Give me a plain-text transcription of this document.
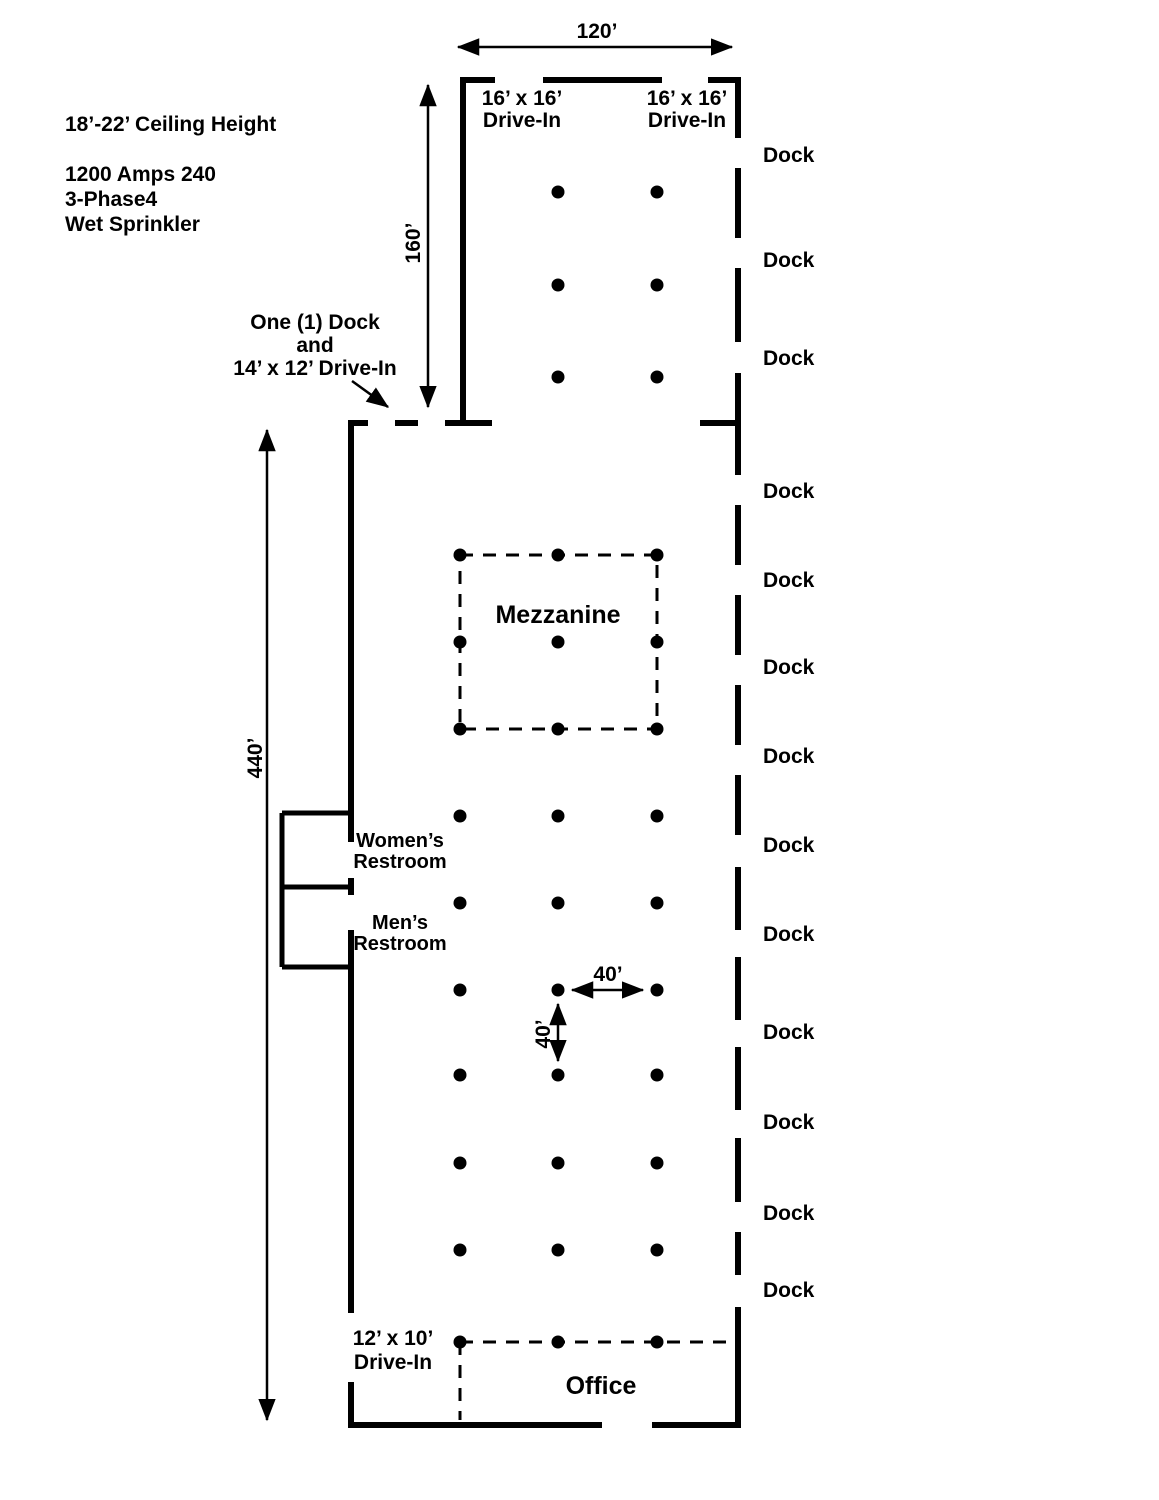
18’-22’ Ceiling Height
1200 Amps 240
3-Phase4
Wet Sprinkler
One (1) Dock
and
14’ x 12’ Drive-In
120’
160’
440’
40’
40’
16’ x 16’
Drive-In
16’ x 16’
Drive-In
12’ x 10’
Drive-In
Mezzanine
Office
Women’s
Restroom
Men’s
Restroom
Dock
Dock
Dock
Dock
Dock
Dock
Dock
Dock
Dock
Dock
Dock
Dock
Dock
